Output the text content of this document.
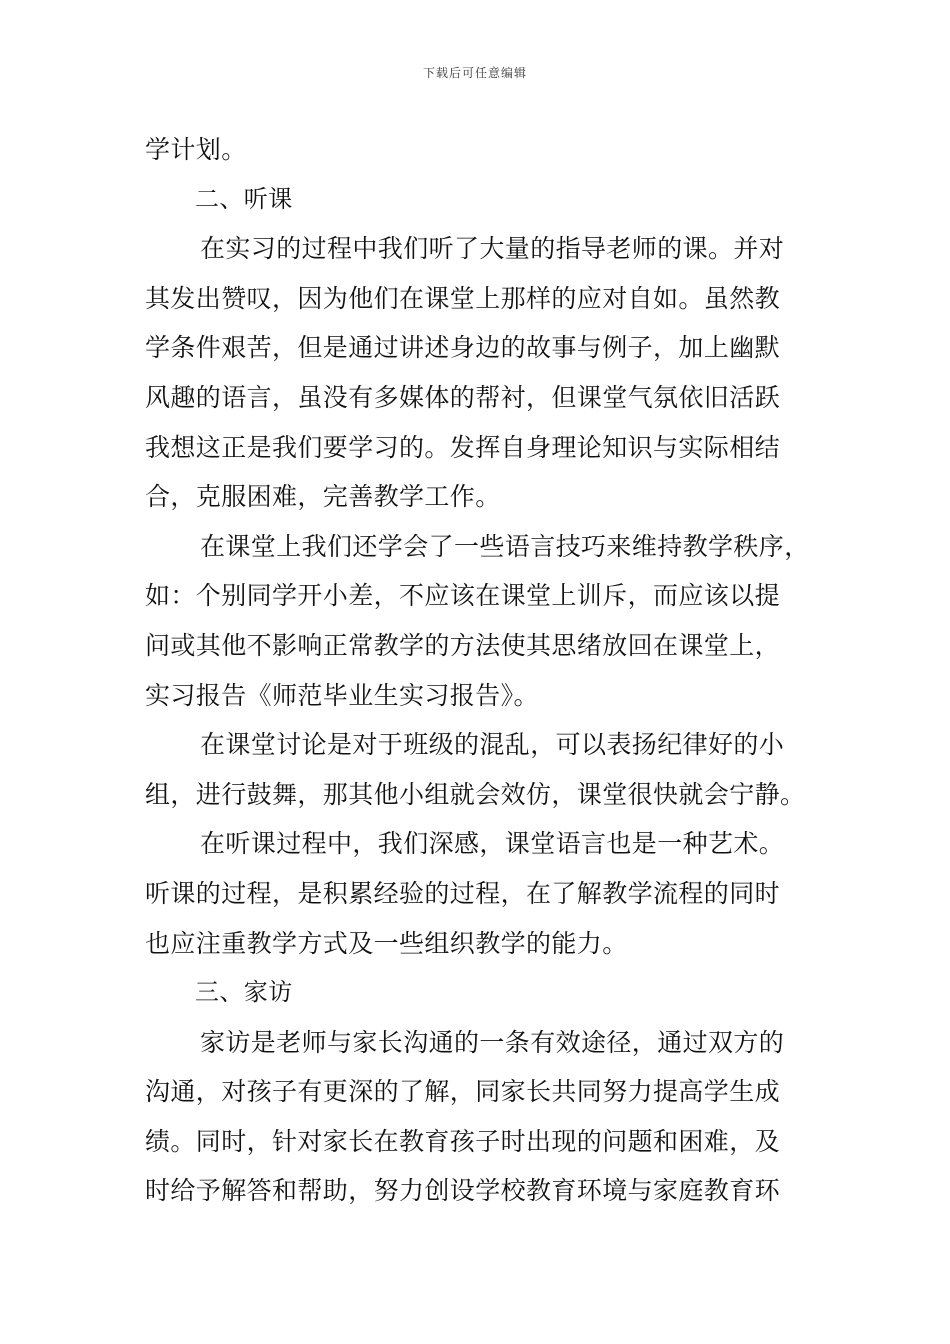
下载后可任意编辑
学计划。
二、听课
在实习的过程中我们听了大量的指导老师的课。并对
其发出赞叹，因为他们在课堂上那样的应对自如。虽然教
学条件艰苦，但是通过讲述身边的故事与例子，加上幽默
风趣的语言，虽没有多媒体的帮衬，但课堂气氛依旧活跃
我想这正是我们要学习的。发挥自身理论知识与实际相结
合，克服困难，完善教学工作。
在课堂上我们还学会了一些语言技巧来维持教学秩序，
如：个别同学开小差，不应该在课堂上训斥，而应该以提
问或其他不影响正常教学的方法使其思绪放回在课堂上，
实习报告《师范毕业生实习报告》。
在课堂讨论是对于班级的混乱，可以表扬纪律好的小
组，进行鼓舞，那其他小组就会效仿，课堂很快就会宁静。
在听课过程中，我们深感，课堂语言也是一种艺术。
听课的过程，是积累经验的过程，在了解教学流程的同时
也应注重教学方式及一些组织教学的能力。
三、家访
家访是老师与家长沟通的一条有效途径，通过双方的
沟通，对孩子有更深的了解，同家长共同努力提高学生成
绩。同时，针对家长在教育孩子时出现的问题和困难，及
时给予解答和帮助，努力创设学校教育环境与家庭教育环
